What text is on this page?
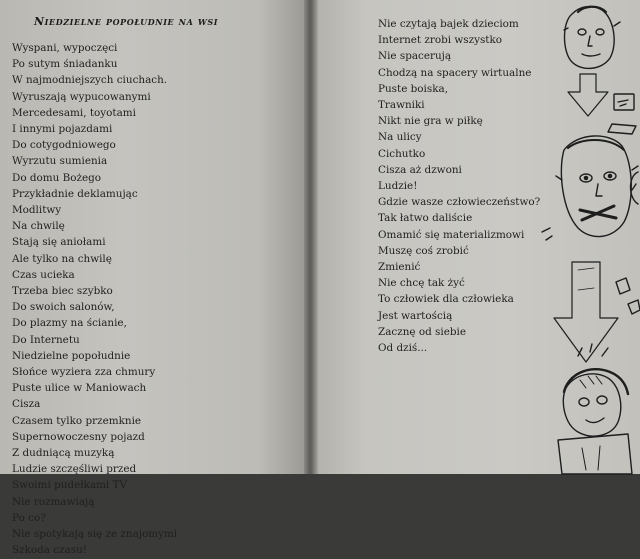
Niedzielne popołudnie na wsi
Wyspani, wypoczęci
Po sutym śniadanku
W najmodniejszych ciuchach.
Wyruszają wypucowanymi
Mercedesami, toyotami
I innymi pojazdami
Do cotygodniowego
Wyrzutu sumienia
Do domu Bożego
Przykładnie deklamując
Modlitwy
Na chwilę
Stają się aniołami
Ale tylko na chwilę
Czas ucieka
Trzeba biec szybko
Do swoich salonów,
Do plazmy na ścianie,
Do Internetu
Niedzielne popołudnie
Słońce wyziera zza chmury
Puste ulice w Maniowach
Cisza
Czasem tylko przemknie
Supernowoczesny pojazd
Z dudniącą muzyką
Ludzie szczęśliwi przed
Swoimi pudełkami TV
Nie rozmawiają
Po co?
Nie spotykają się ze znajomymi
Szkoda czasu!
Nie czytają bajek dzieciom
Internet zrobi wszystko
Nie spacerują
Chodzą na spacery wirtualne
Puste boiska,
Trawniki
Nikt nie gra w piłkę
Na ulicy
Cichutko
Cisza aż dzwoni
Ludzie!
Gdzie wasze człowieczeństwo?
Tak łatwo daliście
Omamić się materializmowi
Muszę coś zrobić
Zmienić
Nie chcę tak żyć
To człowiek dla człowieka
Jest wartością
Zacznę od siebie
Od dziś...
